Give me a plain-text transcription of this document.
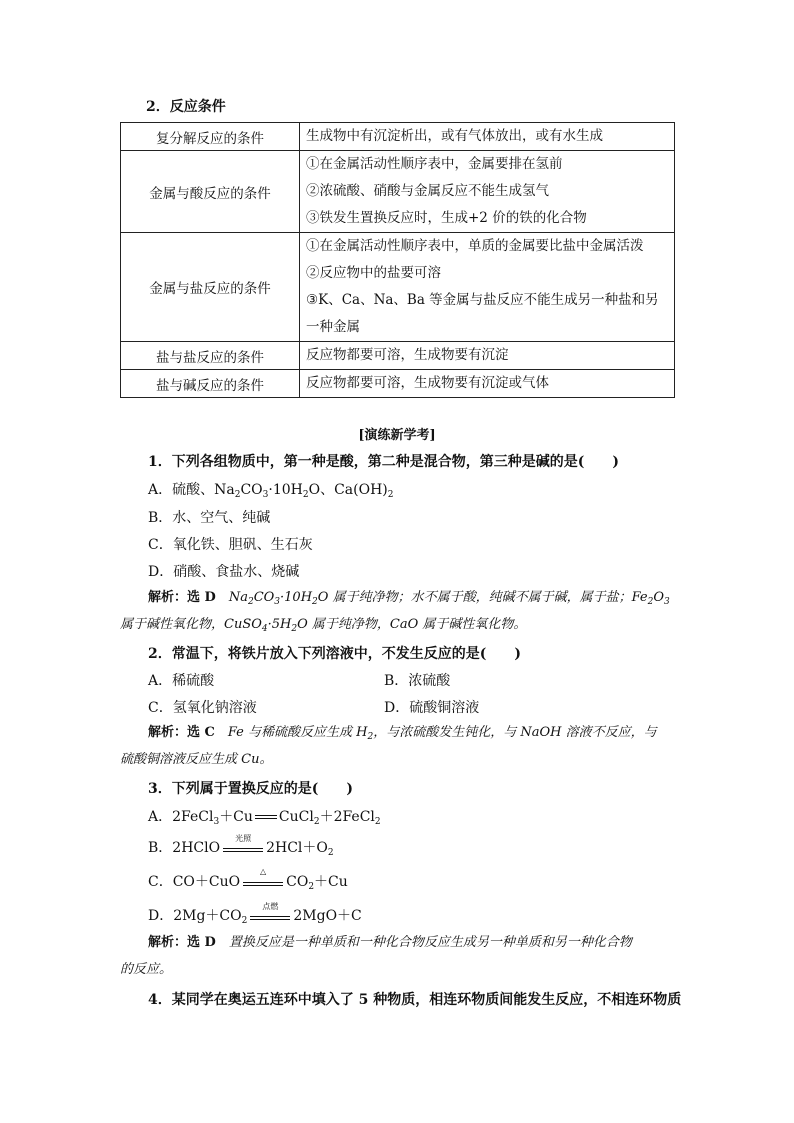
2．反应条件
复分解反应的条件	生成物中有沉淀析出，或有气体放出，或有水生成

金属与酸反应的条件	①在金属活动性顺序表中，金属要排在氢前
②浓硫酸、硝酸与金属反应不能生成氢气
③铁发生置换反应时，生成+2 价的铁的化合物

金属与盐反应的条件	①在金属活动性顺序表中，单质的金属要比盐中金属活泼
②反应物中的盐要可溶
③K、Ca、Na、Ba 等金属与盐反应不能生成另一种盐和另
一种金属

盐与盐反应的条件	反应物都要可溶，生成物要有沉淀

盐与碱反应的条件	反应物都要可溶，生成物要有沉淀或气体
[演练新学考]
1．下列各组物质中，第一种是酸，第二种是混合物，第三种是碱的是(　　)
A．硫酸、$Na_2CO_3\cdot 10H_2O$、$Ca(OH)_2$
B．水、空气、纯碱
C．氧化铁、胆矾、生石灰
D．硝酸、食盐水、烧碱
解析：选 D　$Na_2CO_3\cdot 10H_2O$ 属于纯净物；水不属于酸，纯碱不属于碱，属于盐；$Fe_2O_3$
属于碱性氧化物，$CuSO_4\cdot 5H_2O$ 属于纯净物，CaO 属于碱性氧化物。
2．常温下，将铁片放入下列溶液中，不发生反应的是(　　)
A．稀硫酸	B．浓硫酸
C．氢氧化钠溶液	D．硫酸铜溶液
解析：选 C　Fe 与稀硫酸反应生成 $H_2$，与浓硫酸发生钝化，与 NaOH 溶液不反应，与
硫酸铜溶液反应生成 Cu。
3．下列属于置换反应的是(　　)
A．2FeCl$_3$＋Cu CuCl$_2$＋2FeCl$_2$
B．2HClO
光照
$2HCl+O_2$
C．CO＋CuO
△
$CO_2+Cu$
D．$2Mg+CO_2$
点燃
2MgO＋C
解析：选 D　置换反应是一种单质和一种化合物反应生成另一种单质和另一种化合物
的反应。
4．某同学在奥运五连环中填入了 5 种物质，相连环物质间能发生反应，不相连环物质
